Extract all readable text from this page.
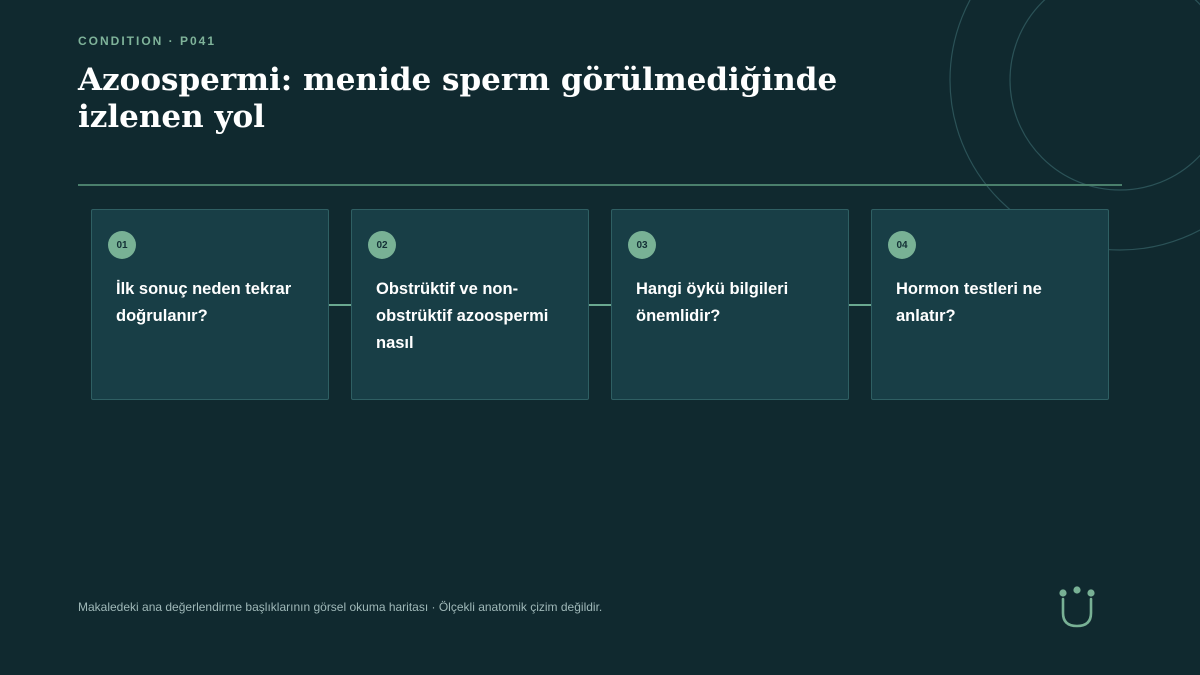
CONDITION · P041
Azoospermi: menide sperm görülmediğinde izlenen yol
01
İlk sonuç neden tekrar doğrulanır?
02
Obstrüktif ve non-obstrüktif azoospermi nasıl
03
Hangi öykü bilgileri önemlidir?
04
Hormon testleri ne anlatır?
Makaledeki ana değerlendirme başlıklarının görsel okuma haritası · Ölçekli anatomik çizim değildir.
